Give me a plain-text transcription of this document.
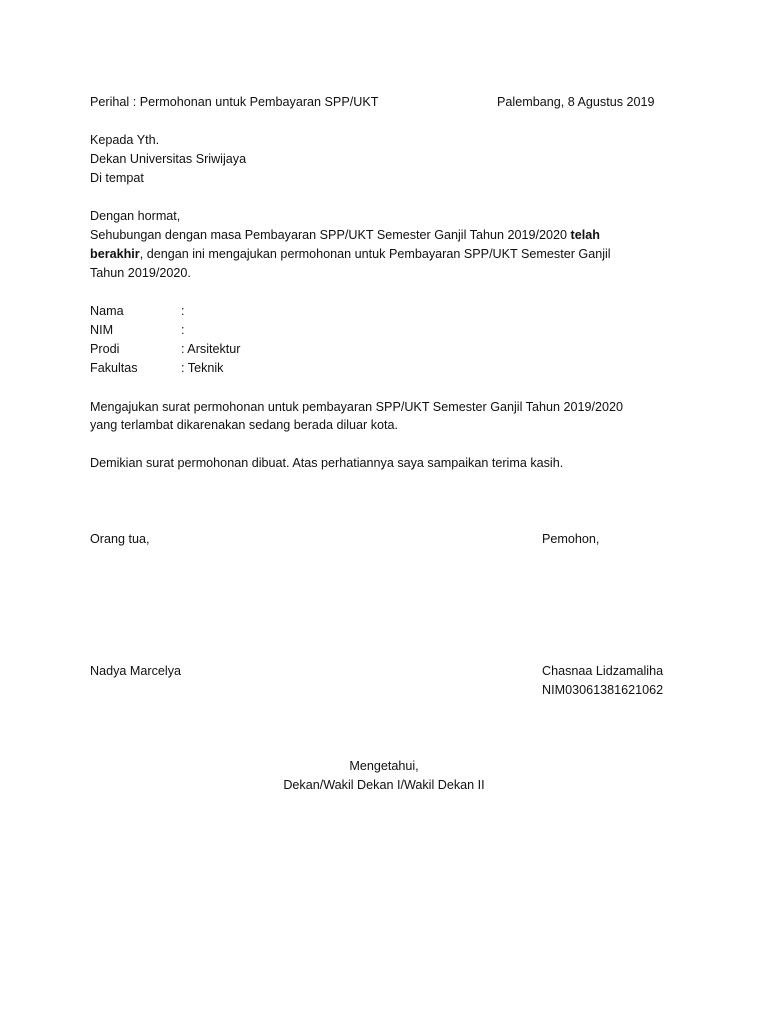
Perihal : Permohonan untuk Pembayaran SPP/UKT	Palembang, 8 Agustus 2019
Kepada Yth.
Dekan Universitas Sriwijaya
Di tempat
Dengan hormat,
Sehubungan dengan masa Pembayaran SPP/UKT Semester Ganjil Tahun 2019/2020 telah
berakhir, dengan ini mengajukan permohonan untuk Pembayaran SPP/UKT Semester Ganjil
Tahun 2019/2020.
Nama	:
NIM	:
Prodi	: Arsitektur
Fakultas	: Teknik
Mengajukan surat permohonan untuk pembayaran SPP/UKT Semester Ganjil Tahun 2019/2020
yang terlambat dikarenakan sedang berada diluar kota.
Demikian surat permohonan dibuat. Atas perhatiannya saya sampaikan terima kasih.
Orang tua,	Pemohon,
Nadya Marcelya	Chasnaa Lidzamaliha
NIM03061381621062
Mengetahui,
Dekan/Wakil Dekan I/Wakil Dekan II
